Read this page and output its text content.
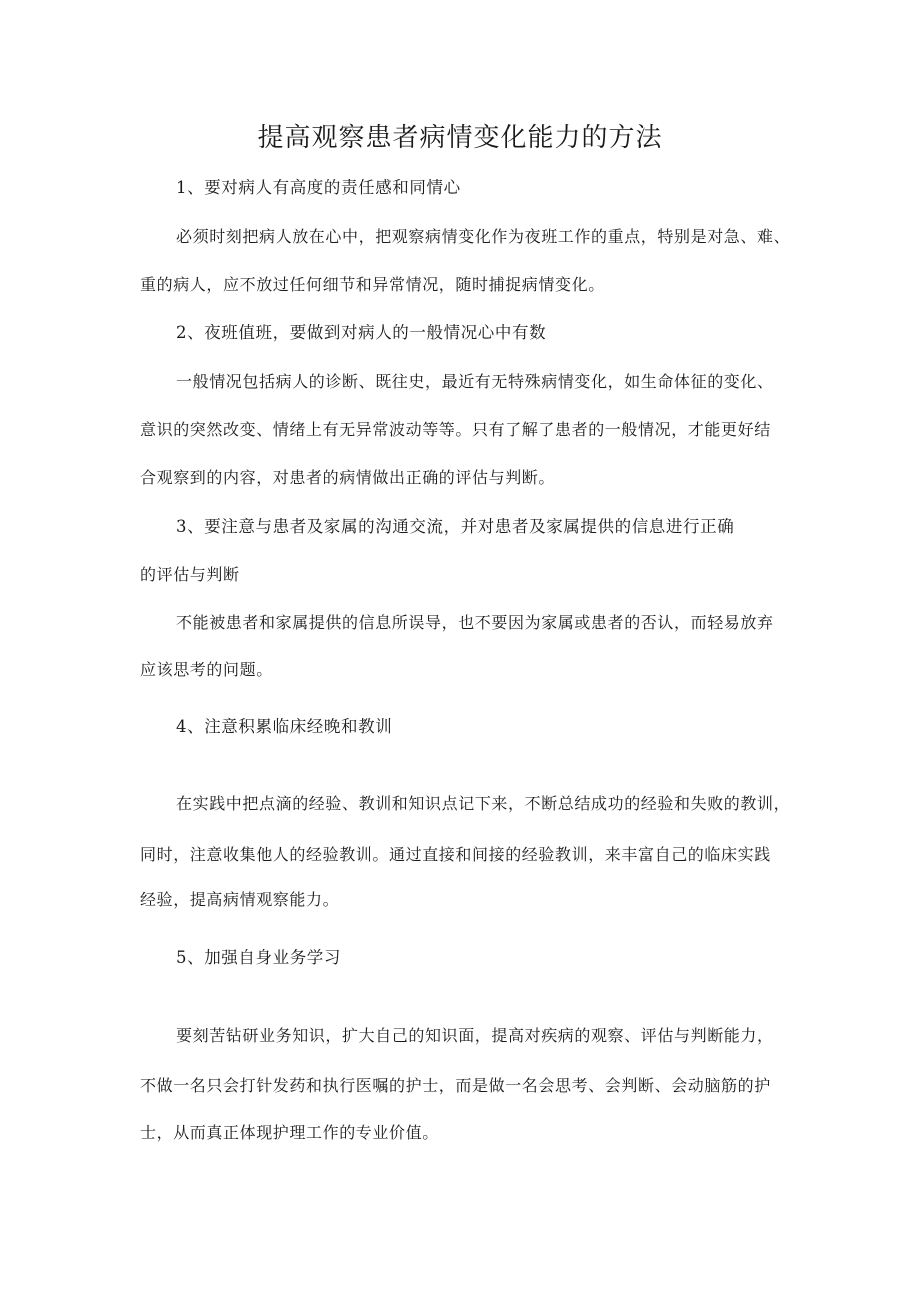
提高观察患者病情变化能力的方法
1、要对病人有高度的责任感和同情心
必须时刻把病人放在心中，把观察病情变化作为夜班工作的重点，特别是对急、难、
重的病人，应不放过任何细节和异常情况，随时捕捉病情变化。
2、夜班值班，要做到对病人的一般情况心中有数
一般情况包括病人的诊断、既往史，最近有无特殊病情变化，如生命体征的变化、
意识的突然改变、情绪上有无异常波动等等。只有了解了患者的一般情况，才能更好结
合观察到的内容，对患者的病情做出正确的评估与判断。
3、要注意与患者及家属的沟通交流，并对患者及家属提供的信息进行正确
的评估与判断
不能被患者和家属提供的信息所误导，也不要因为家属或患者的否认，而轻易放弃
应该思考的问题。
4、注意积累临床经晚和教训
在实践中把点滴的经验、教训和知识点记下来，不断总结成功的经验和失败的教训，
同时，注意收集他人的经验教训。通过直接和间接的经验教训，来丰富自己的临床实践
经验，提高病情观察能力。
5、加强自身业务学习
要刻苦钻研业务知识，扩大自己的知识面，提高对疾病的观察、评估与判断能力，
不做一名只会打针发药和执行医嘱的护士，而是做一名会思考、会判断、会动脑筋的护
士，从而真正体现护理工作的专业价值。
